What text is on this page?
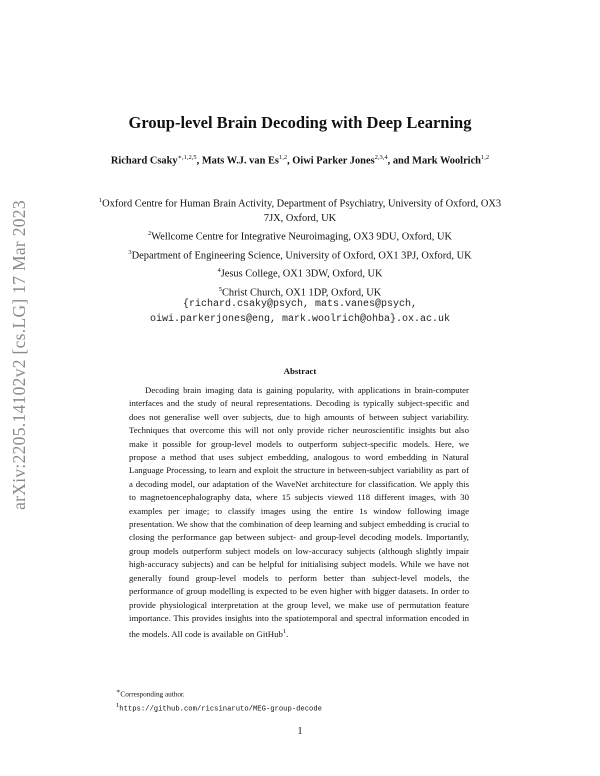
arXiv:2205.14102v2 [cs.LG] 17 Mar 2023
Group-level Brain Decoding with Deep Learning
Richard Csaky$^{∗,1,2,5}$, Mats W.J. van Es$^{1,2}$, Oiwi Parker Jones$^{2,3,4}$, and Mark Woolrich$^{1,2}$
$^1$Oxford Centre for Human Brain Activity, Department of Psychiatry, University of Oxford, OX3 7JX, Oxford, UK
$^2$Wellcome Centre for Integrative Neuroimaging, OX3 9DU, Oxford, UK
$^3$Department of Engineering Science, University of Oxford, OX1 3PJ, Oxford, UK
$^4$Jesus College, OX1 3DW, Oxford, UK
$^5$Christ Church, OX1 1DP, Oxford, UK
{richard.csaky@psych, mats.vanes@psych,
oiwi.parkerjones@eng, mark.woolrich@ohba}.ox.ac.uk
Abstract
Decoding brain imaging data is gaining popularity, with applications in brain-computer interfaces and the study of neural representations. Decoding is typically subject-specific and does not generalise well over subjects, due to high amounts of between subject variability. Techniques that overcome this will not only provide richer neuroscientific insights but also make it possible for group-level models to outperform subject-specific models. Here, we propose a method that uses subject embedding, analogous to word embedding in Natural Language Processing, to learn and exploit the structure in between-subject variability as part of a decoding model, our adaptation of the WaveNet architecture for classification. We apply this to magnetoencephalography data, where 15 subjects viewed 118 different images, with 30 examples per image; to classify images using the entire 1s window following image presentation. We show that the combination of deep learning and subject embedding is crucial to closing the performance gap between subject- and group-level decoding models. Importantly, group models outperform subject models on low-accuracy subjects (although slightly impair high-accuracy subjects) and can be helpful for initialising subject models. While we have not generally found group-level models to perform better than subject-level models, the performance of group modelling is expected to be even higher with bigger datasets. In order to provide physiological interpretation at the group level, we make use of permutation feature importance. This provides insights into the spatiotemporal and spectral information encoded in the models. All code is available on GitHub$^1$.
∗Corresponding author.
$^1$https://github.com/ricsinaruto/MEG-group-decode
1
